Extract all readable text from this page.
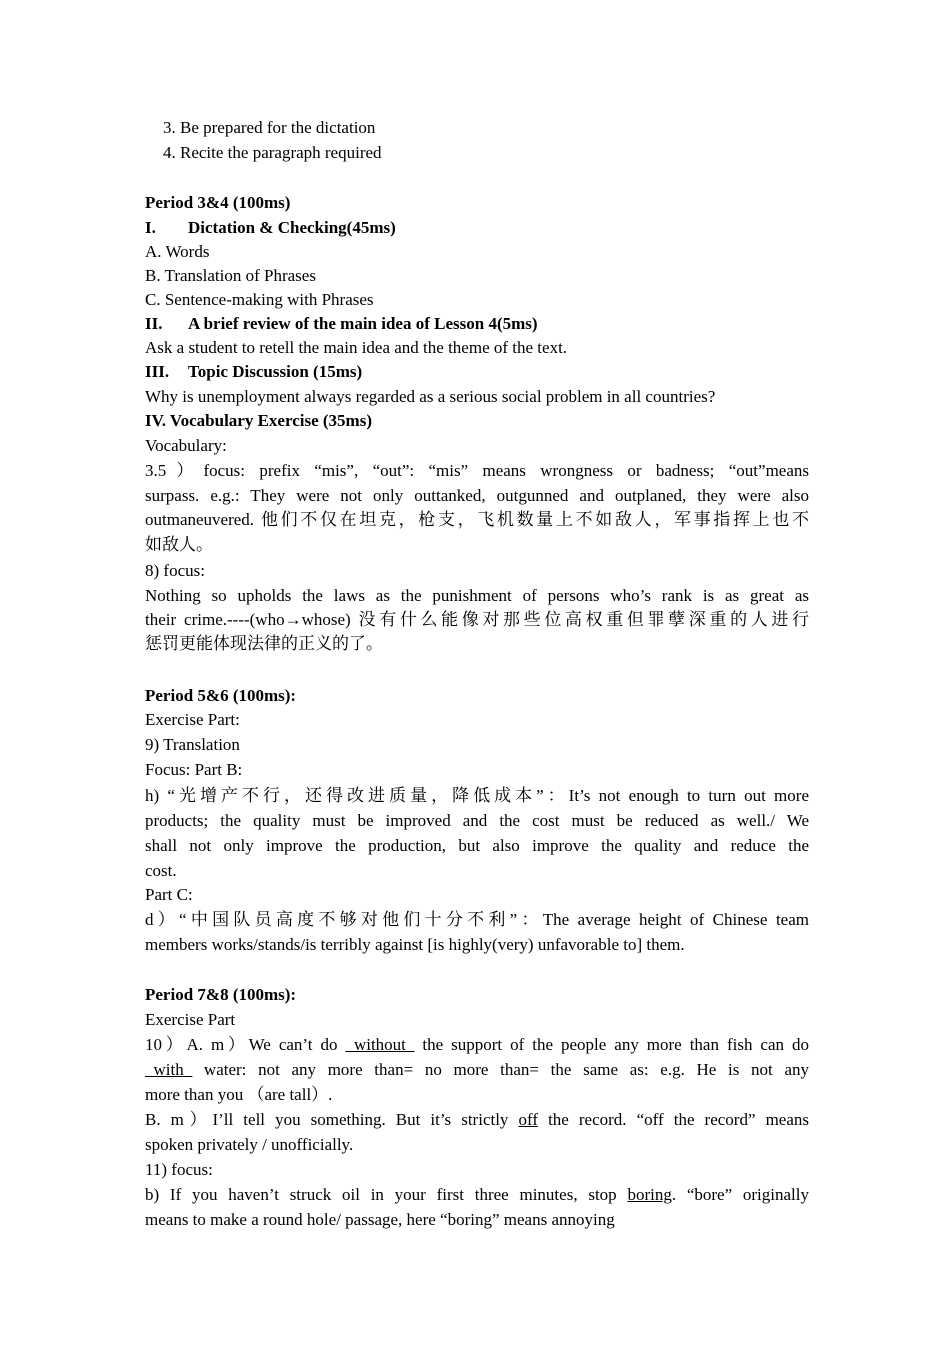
3. Be prepared for the dictation
4. Recite the paragraph required
Period 3&4 (100ms)
I. Dictation & Checking(45ms)
A. Words
B. Translation of Phrases
C. Sentence-making with Phrases
II. A brief review of the main idea of Lesson 4(5ms)
Ask a student to retell the main idea and the theme of the text.
III. Topic Discussion (15ms)
Why is unemployment always regarded as a serious social problem in all countries?
IV. Vocabulary Exercise (35ms)
Vocabulary:
3.5）focus: prefix “mis”, “out”: “mis” means wrongness or badness; “out”means
surpass. e.g.: They were not only outtanked, outgunned and outplaned, they were also
outmaneuvered. 他们不仅在坦克，枪支，飞机数量上不如敌人，军事指挥上也不
如敌人。
8) focus:
Nothing so upholds the laws as the punishment of persons who’s rank is as great as
their crime.----(who→whose) 没有什么能像对那些位高权重但罪孽深重的人进行
惩罚更能体现法律的正义的了。
Period 5&6 (100ms):
Exercise Part:
9) Translation
Focus: Part B:
h) “光增产不行，还得改进质量，降低成本”：It’s not enough to turn out more
products; the quality must be improved and the cost must be reduced as well./ We
shall not only improve the production, but also improve the quality and reduce the
cost.
Part C:
d）“中国队员高度不够对他们十分不利”：The average height of Chinese team
members works/stands/is terribly against [is highly(very) unfavorable to] them.
Period 7&8 (100ms):
Exercise Part
10）A. m）We can’t do _without_ the support of the people any more than fish can do
_with_ water: not any more than= no more than= the same as: e.g. He is not any
more than you （are tall）.
B. m）I’ll tell you something. But it’s strictly off the record. “off the record” means
spoken privately / unofficially.
11) focus:
b) If you haven’t struck oil in your first three minutes, stop boring. “bore” originally
means to make a round hole/ passage, here “boring” means annoying
